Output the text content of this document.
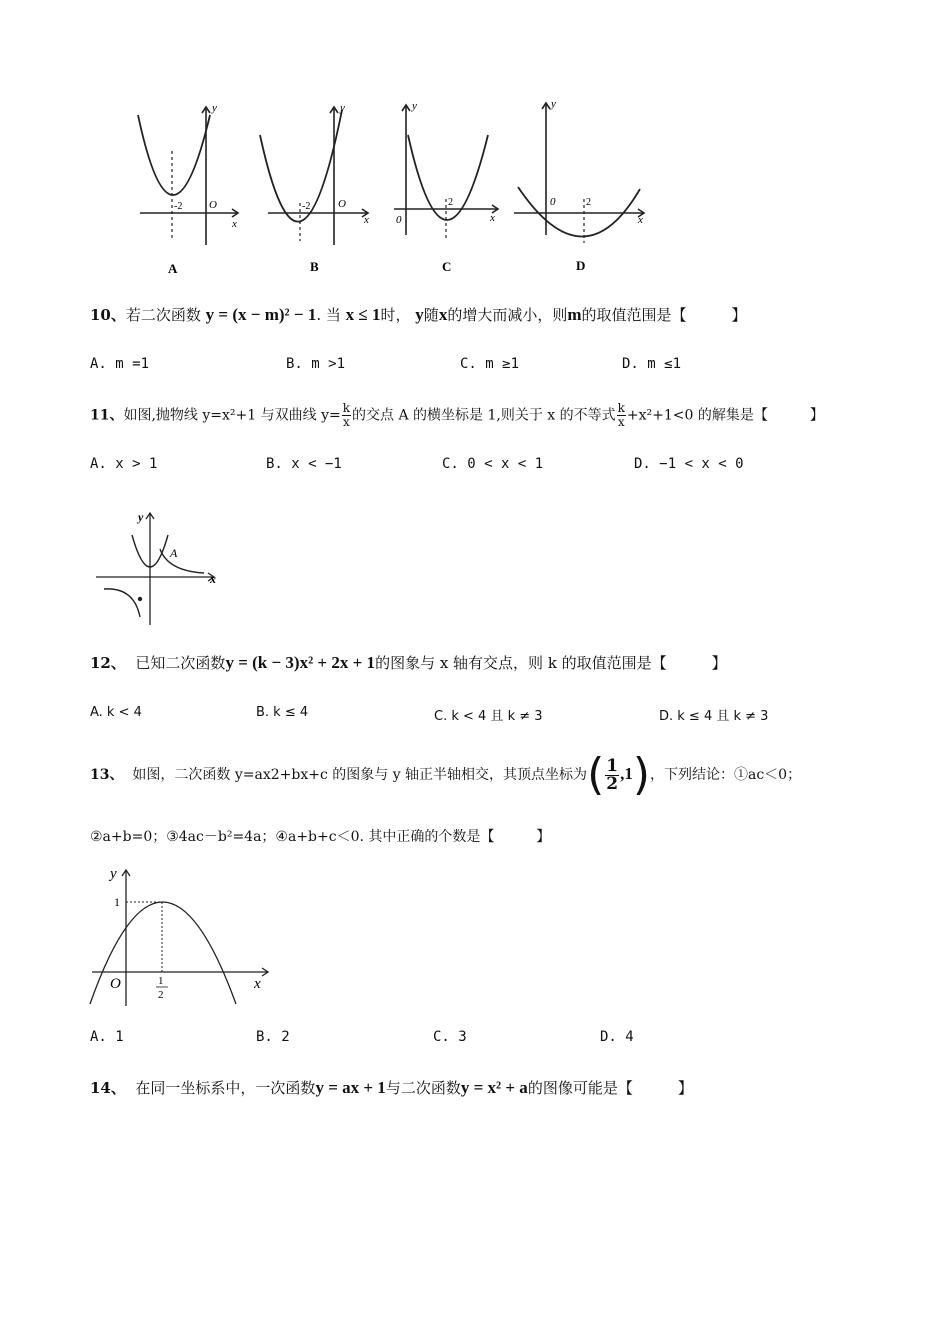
y
x
O
-2
A
y
x
O
-2
B
y
x
0
2
C
y
x
0	2
D
10、若二次函数 y = (x − m)² − 1. 当 x ≤ 1时， y随x的增大而减小，则m的取值范围是【　　　】
A. m =1	B. m >1	C. m ≥1	D. m ≤1
11、如图,抛物线 y=x²+1 与双曲线 $y= \frac{k}{x}$ 的交点 A 的横坐标是 1,则关于 x 的不等式 $\frac{k}{x} +x^2+1<0$ 的解集是【　　　】
A. x > 1	B. x < −1	C. 0 < x < 1	D. −1 < x < 0
y
x
A
12、 已知二次函数y = (k − 3)x² + 2x + 1的图象与 x 轴有交点，则 k 的取值范围是【　　　】
A. k < 4	B. k ≤ 4	C. k < 4 且 k ≠ 3	D. k ≤ 4 且 k ≠ 3
13、 如图，二次函数 y=ax2+bx+c 的图象与 y 轴正半轴相交，其顶点坐标为( $\frac{1}{2} ,1$)，下列结论：①ac＜0；
②a+b=0；③4ac－b²=4a；④a+b+c＜0. 其中正确的个数是【　　　】
y
x
O
1
1
2
A. 1	B. 2	C. 3	D. 4
14、 在同一坐标系中，一次函数y = ax + 1与二次函数y = x² + a的图像可能是【　　　】
